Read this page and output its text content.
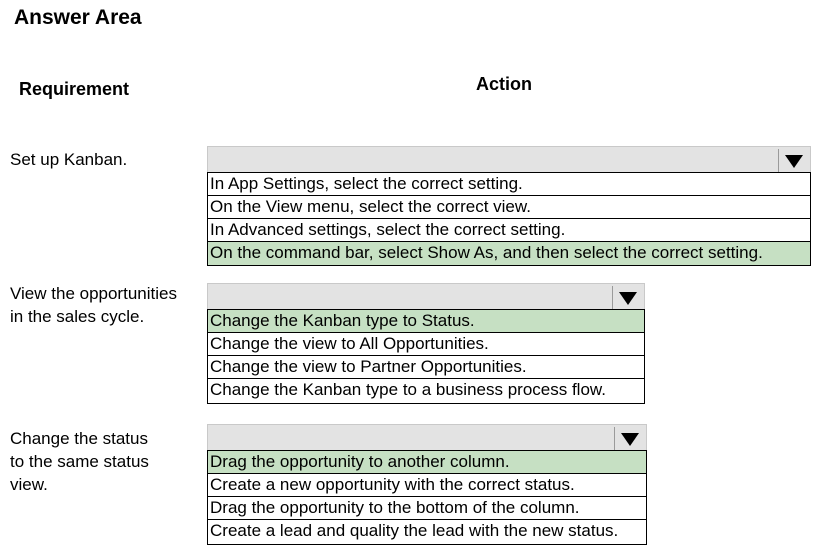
Answer Area
Requirement	Action
Set up Kanban.
In App Settings, select the correct setting.
On the View menu, select the correct view.
In Advanced settings, select the correct setting.
On the command bar, select Show As, and then select the correct setting.
View the opportunities
in the sales cycle.	Change the Kanban type to Status.
Change the view to All Opportunities.
Change the view to Partner Opportunities.
Change the Kanban type to a business process flow.
Change the status
to the same status
view.
Drag the opportunity to another column.
Create a new opportunity with the correct status.
Drag the opportunity to the bottom of the column.
Create a lead and quality the lead with the new status.
